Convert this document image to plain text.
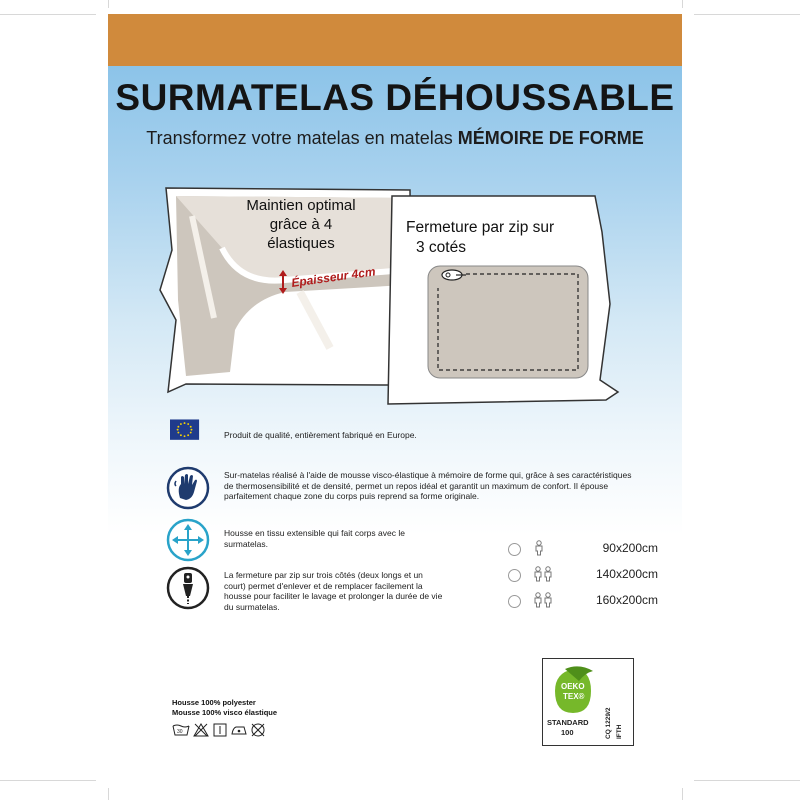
SURMATELAS DÉHOUSSABLE
Transformez votre matelas en matelas MÉMOIRE DE FORME
Épaisseur 4cm
Maintien optimal grâce à 4 élastiques
Fermeture par zip sur
3 cotés
Produit de qualité, entièrement fabriqué en Europe.
Sur-matelas réalisé à l'aide de mousse visco-élastique à mémoire de forme qui, grâce à ses caractéristiques de thermosensibilité et de densité, permet un repos idéal et garantit un maximum de confort. Il épouse parfaitement chaque zone du corps puis reprend sa forme originale.
Housse en tissu extensible qui fait corps avec le surmatelas.
La fermeture par zip sur trois côtés (deux longs et un court) permet d'enlever et de remplacer facilement la housse pour faciliter le lavage et prolonger la durée de vie du surmatelas.
90x200cm
140x200cm
160x200cm
Housse 100% polyester
Mousse 100% visco élastique
30
OEKO
TEX®
STANDARD
100	CQ 1229/2 IFTH
